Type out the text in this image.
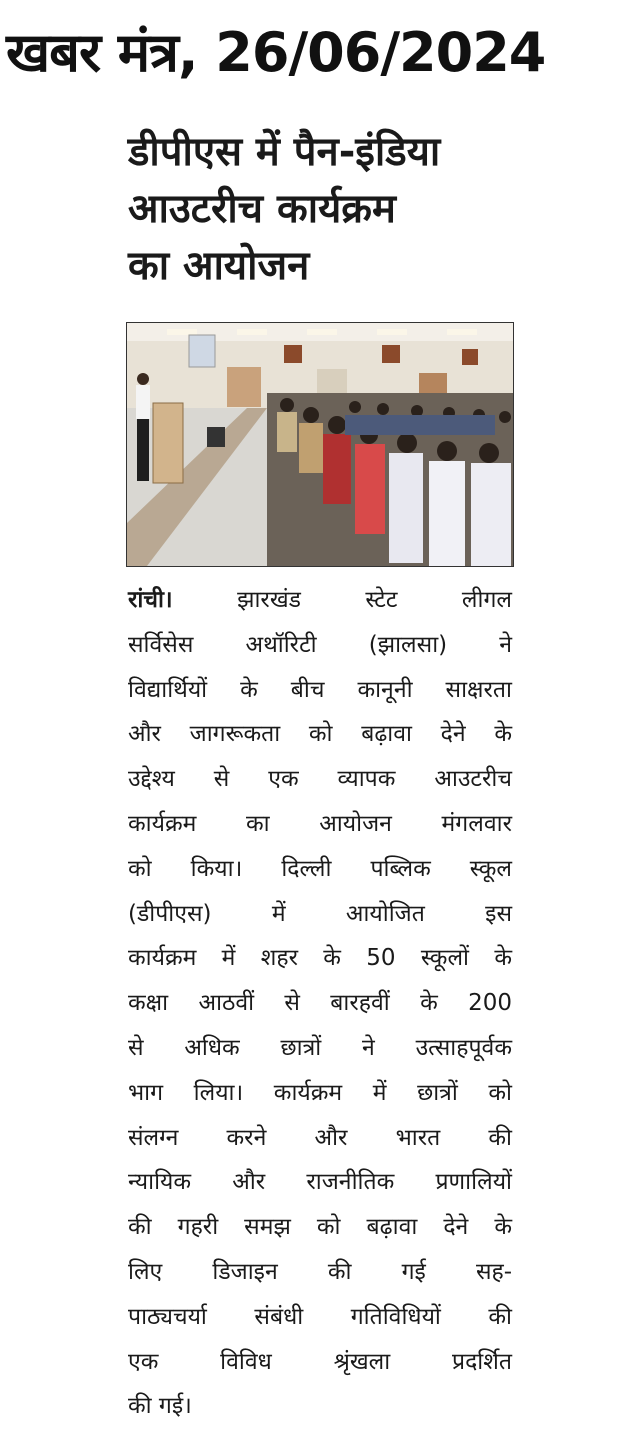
खबर मंत्र, 26/06/2024
डीपीएस में पैन-इंडिया
आउटरीच कार्यक्रम
का आयोजन
रांची।	झारखंड स्टेट लीगल
सर्विसेस अथॉरिटी (झालसा) ने
विद्यार्थियों के बीच कानूनी साक्षरता
और जागरूकता को बढ़ावा देने के
उद्देश्य से एक व्यापक आउटरीच
कार्यक्रम का आयोजन मंगलवार
को किया। दिल्ली पब्लिक स्कूल
(डीपीएस) में आयोजित इस
कार्यक्रम में शहर के 50 स्कूलों के
कक्षा आठवीं से बारहवीं के 200
से अधिक छात्रों ने उत्साहपूर्वक
भाग लिया। कार्यक्रम में छात्रों को
संलग्न करने और भारत की
न्यायिक और राजनीतिक प्रणालियों
की गहरी समझ को बढ़ावा देने के
लिए डिजाइन की गई सह-
पाठ्यचर्या संबंधी गतिविधियों की
एक विविध श्रृंखला प्रदर्शित
की गई।
